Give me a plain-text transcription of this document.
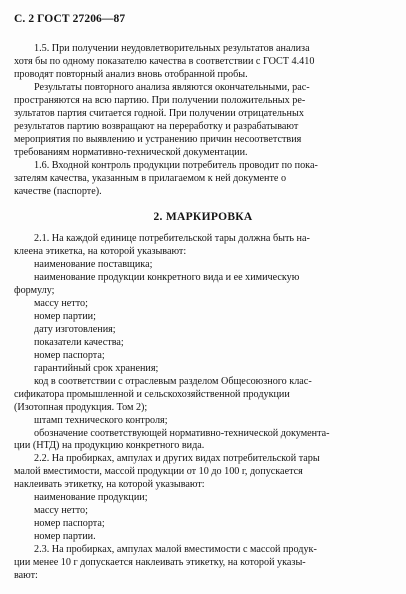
С. 2 ГОСТ 27206—87
1.5. При получении неудовлетворительных результатов анализа
хотя бы по одному показателю качества в соответствии с ГОСТ 4.410
проводят повторный анализ вновь отобранной пробы.
Результаты повторного анализа являются окончательными, рас-
пространяются на всю партию. При получении положительных ре-
зультатов партия считается годной. При получении отрицательных
результатов партию возвращают на переработку и разрабатывают
мероприятия по выявлению и устранению причин несоответствия
требованиям нормативно-технической документации.
1.6. Входной контроль продукции потребитель проводит по пока-
зателям качества, указанным в прилагаемом к ней документе о
качестве (паспорте).
2. МАРКИРОВКА
2.1. На каждой единице потребительской тары должна быть на-
клеена этикетка, на которой указывают:
наименование поставщика;
наименование продукции конкретного вида и ее химическую
формулу;
массу нетто;
номер партии;
дату изготовления;
показатели качества;
номер паспорта;
гарантийный срок хранения;
код в соответствии с отраслевым разделом Общесоюзного клас-
сификатора промышленной и сельскохозяйственной продукции
(Изотопная продукция. Том 2);
штамп технического контроля;
обозначение соответствующей нормативно-технической документа-
ции (НТД) на продукцию конкретного вида.
2.2. На пробирках, ампулах и других видах потребительской тары
малой вместимости, массой продукции от 10 до 100 г, допускается
наклеивать этикетку, на которой указывают:
наименование продукции;
массу нетто;
номер паспорта;
номер партии.
2.3. На пробирках, ампулах малой вместимости с массой продук-
ции менее 10 г допускается наклеивать этикетку, на которой указы-
вают:
